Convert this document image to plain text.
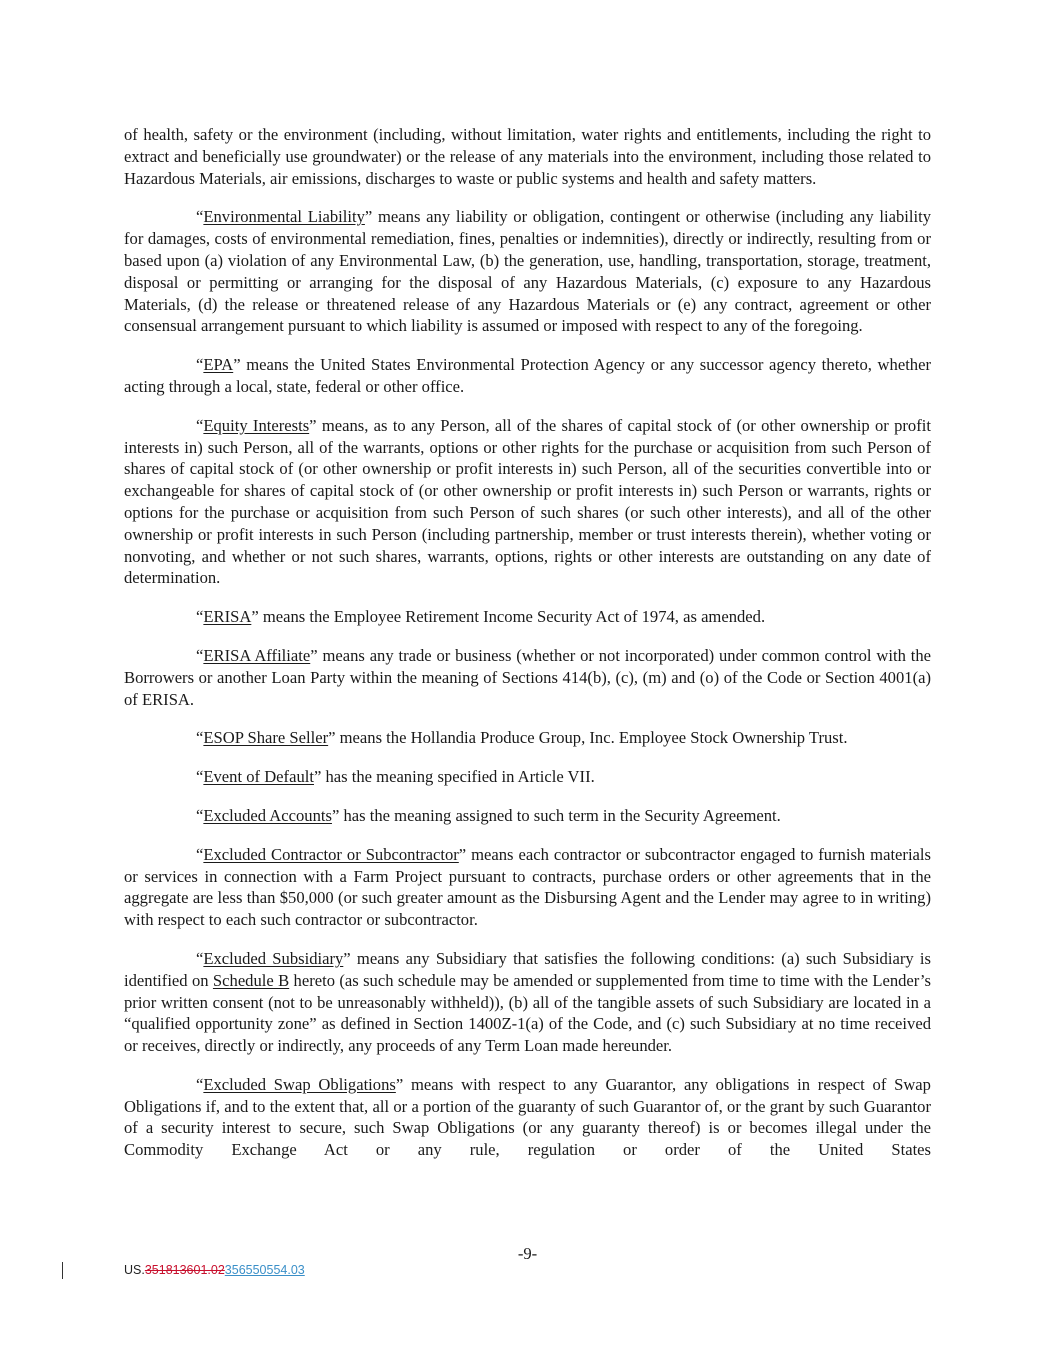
of health, safety or the environment (including, without limitation, water rights and entitlements, including the right to extract and beneficially use groundwater) or the release of any materials into the environment, including those related to Hazardous Materials, air emissions, discharges to waste or public systems and health and safety matters.

“Environmental Liability” means any liability or obligation, contingent or otherwise (including any liability for damages, costs of environmental remediation, fines, penalties or indemnities), directly or indirectly, resulting from or based upon (a) violation of any Environmental Law, (b) the generation, use, handling, transportation, storage, treatment, disposal or permitting or arranging for the disposal of any Hazardous Materials, (c) exposure to any Hazardous Materials, (d) the release or threatened release of any Hazardous Materials or (e) any contract, agreement or other consensual arrangement pursuant to which liability is assumed or imposed with respect to any of the foregoing.

“EPA” means the United States Environmental Protection Agency or any successor agency thereto, whether acting through a local, state, federal or other office.

“Equity Interests” means, as to any Person, all of the shares of capital stock of (or other ownership or profit interests in) such Person, all of the warrants, options or other rights for the purchase or acquisition from such Person of shares of capital stock of (or other ownership or profit interests in) such Person, all of the securities convertible into or exchangeable for shares of capital stock of (or other ownership or profit interests in) such Person or warrants, rights or options for the purchase or acquisition from such Person of such shares (or such other interests), and all of the other ownership or profit interests in such Person (including partnership, member or trust interests therein), whether voting or nonvoting, and whether or not such shares, warrants, options, rights or other interests are outstanding on any date of determination.

“ERISA” means the Employee Retirement Income Security Act of 1974, as amended.

“ERISA Affiliate” means any trade or business (whether or not incorporated) under common control with the Borrowers or another Loan Party within the meaning of Sections 414(b), (c), (m) and (o) of the Code or Section 4001(a) of ERISA.

“ESOP Share Seller” means the Hollandia Produce Group, Inc. Employee Stock Ownership Trust.

“Event of Default” has the meaning specified in Article VII.

“Excluded Accounts” has the meaning assigned to such term in the Security Agreement.

“Excluded Contractor or Subcontractor” means each contractor or subcontractor engaged to furnish materials or services in connection with a Farm Project pursuant to contracts, purchase orders or other agreements that in the aggregate are less than $50,000 (or such greater amount as the Disbursing Agent and the Lender may agree to in writing) with respect to each such contractor or subcontractor.

“Excluded Subsidiary” means any Subsidiary that satisfies the following conditions: (a) such Subsidiary is identified on Schedule B hereto (as such schedule may be amended or supplemented from time to time with the Lender’s prior written consent (not to be unreasonably withheld)), (b) all of the tangible assets of such Subsidiary are located in a “qualified opportunity zone” as defined in Section 1400Z-1(a) of the Code, and (c) such Subsidiary at no time received or receives, directly or indirectly, any proceeds of any Term Loan made hereunder.

“Excluded Swap Obligations” means with respect to any Guarantor, any obligations in respect of Swap Obligations if, and to the extent that, all or a portion of the guaranty of such Guarantor of, or the grant by such Guarantor of a security interest to secure, such Swap Obligations (or any guaranty thereof) is or becomes illegal under the Commodity Exchange Act or any rule, regulation or order of the United States

-9-
US.351813601.02356550554.03
